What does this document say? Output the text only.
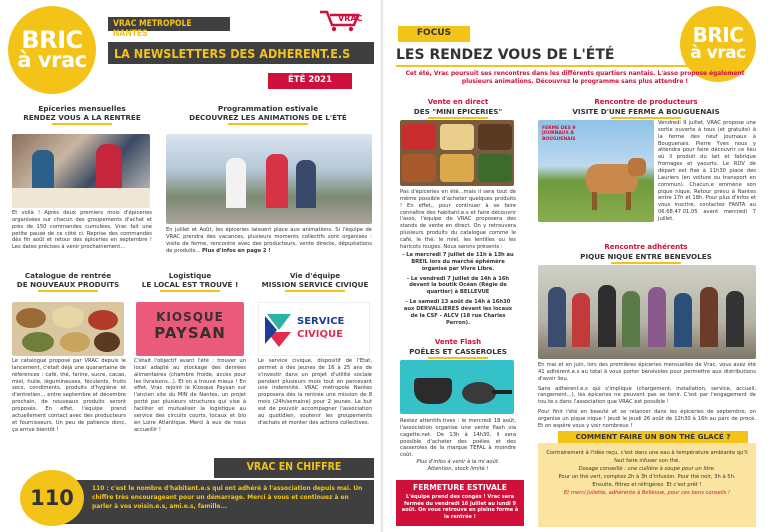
BRIC
à vrac
VRAC METROPOLE NANTES
VRAC
LA NEWSLETTERS DES ADHERENT.E.S
ÉTÉ 2021
Epiceries mensuelles
RENDEZ VOUS A LA RENTRÉE
Et voilà ! Après deux premiers mois d'épiceries organisées sur chacun des groupements d'achat et près de 150 commandes cumulées, Vrac fait une petite pause de ce côté ci. Reprise des commandes dès fin août et retour des épiceries en septembre ! Les dates précises à venir prochainement...
Programmation estivale
DECOUVREZ LES ANIMATIONS DE L'ÉTÉ
En juillet et Août, les épiceries laissent place aux animations. Si l'équipe de VRAC prendra des vacances, plusieurs moments collectifs sont organisés : visite de ferme, rencontre avec des producteurs, vente directe, dépustations de produits... Plus d'infos en page 2 !
Catalogue de rentrée
DE NOUVEAUX PRODUITS
Le catalogue proposé par VRAC depuis le lancement, c'était déjà une quarantaine de références : café, thé, farine, sucre, cacao, miel, huile, légumineuses, féculents, fruits secs, condiments, produits d'hygiène et d'entretien... entre septembre et décembre prochain, de nouveaux produits seront proposés. En effet, l'équipe prend actuellement contact avec des producteurs et fournisseurs. Un peu de patience donc, ça arrive bientôt !
Logistique
LE LOCAL EST TROUVÉ !
KIOSQUE
PAYSAN
C'était l'objectif avant l'été : trouver un local adapté au stockage des denrées alimentaires (chambre froide, accès pour les livraisons...). Et on a trouvé mieux ! En effet, Vrac rejoint le Kiosque Paysan sur l'ancien site du MIN de Nantes, un projet porté par plusieurs structures qui vise à faciliter et mutualiser la logistique au service des circuits courts, locaux et bio en Loire Atlantique. Merci à eux de nous accueillir !
Vie d'équipe
MISSION SERVICE CIVIQUE
SERVICE
CIVIQUE
Le service civique, dispositif de l'Etat, permet à des jeunes de 16 à 25 ans de s'investir dans un projet d'utilité sociale pendant plusieurs mois tout en percevant une indemnité. VRAC métropole Nantes proposera dès la rentrée une mission de 8 mois (24h/semaine) pour 2 jeunes. Le but est de pouvoir accompagner l'association au quotidien, soutenir les groupements d'achats et monter des actions collectives.
VRAC EN CHIFFRE
110	110 : c'est le nombre d'habitant.e.s qui ont adhéré à l'association depuis mai. Un chiffre très encourageant pour un démarrage. Merci à vous et continuez à en parler à vos voisin.e.s, ami.e.s, famille...
BRIC
à vrac
FOCUS
LES RENDEZ VOUS DE L'ÉTÉ
Cet été, Vrac poursuit ses rencontres dans les différents quartiers nantais. L'asso propose également plusieurs animations. Découvrez le programme sans plus attendre !
Vente en direct
DES "MINI EPICERIES"
Pas d'épiceries en été...mais il sera tout de même possible d'acheter quelques produits ! En effet,, pour continuer à se faire connaître des habitant.e.s et faire découvrir l'asso, l'équipe de VRAC proposera des stands de vente en direct. On y retrouvera plusieurs produits du catalogue comme le café, le thé, le miel, les lentilles ou les haricots rouges. Nous serons présents :
- Le mercredi 7 juillet de 11h à 13h au BREIL lors du marché éphémère organisé par Vivre Libre.
- Le vendredi 7 juillet de 14h à 16h devant la boutik Océan (Régie de quartier) à BELLEVUE
- Le samedi 13 août de 14h à 16h30 aux DERVALLIERES devant les locaux de la CSF - ALCV (18 rue Charles Perron).
Rencontre de producteurs
VISITE D'UNE FERME A BOUGUENAIS
FERME DES 9 JOURNAUX À BOUGUENAIS
Vendredi 9 juillet, VRAC propose une sortie ouverte à tous (et gratuite) à la ferme des neuf journaux à Bouguenais. Pierre Yves nous y attendra pour faire découvrir ce lieu où il produit du lait et fabrique fromages et yaourts. Le RDV de départ est fixé à 11h30 place des Lauriers (en voiture ou transport en commun). Chacun.e emmène son pique nique. Retour prévu à Nantes entre 17h et 18h. Pour plus d'infos et vous inscrire, contactez FANTA au 06.68.47.01.05 avant mercredi 7 juillet.
Rencontre adhérents
PIQUE NIQUE ENTRE BENEVOLES
En mai et en juin, lors des premières épiceries mensuelles de Vrac, vous avez été 41 adhérent.e.s au total à vous porter bénévoles pour permettre aux distributions d'avoir lieu.
Sans adhérent.e.s qui s'implique (chargement, installation, service, accueil, rangement...), les épiceries ne peuvent pas se tenir. C'est par l'engagement de tou.te.s dans l'association que VRAC est possible !
Pour finir l'été en beauté et se relancer dans les épiceries de septembre, on organise un pique nique ! jeudi le jeudi 26 août de 12h30 à 16h au parc de procé. Et on espère vous y voir nombreux !
Vente Flash
POÊLES ET CASSEROLES
Restez attentifs.tives : le mercredi 18 août, l'association organise une vente flash via cagette.net. De 13h à 14h30, il sera possible d'acheter des poêles et des casseroles de la marque TEFAL à moindre coût.
Plus d'infos à venir à la mi août.
Attention, stock limité !
FERMETURE ESTIVALE
L'équipe prend des congés ! Vrac sera fermée du vendredi 16 juillet au lundi 9 août. On vous retrouve en pleine forme à la rentrée !
COMMENT FAIRE UN BON THÉ GLACÉ ?
Contrairement à l'idée reçu, c'est dans une eau à température ambiante qu'il faut faire infuser son thé.
Dosage conseillé : une cuillère à soupe pour un litre.
Pour un thé vert, comptez 2h à 3h d'infusion. Pour thé noir, 3h à 5h.
Ensuite, filtrez et réfrigérez. Et c'est prêt !
Et merci Juliette, adhérente à Bellevue, pour ces bons conseils !
